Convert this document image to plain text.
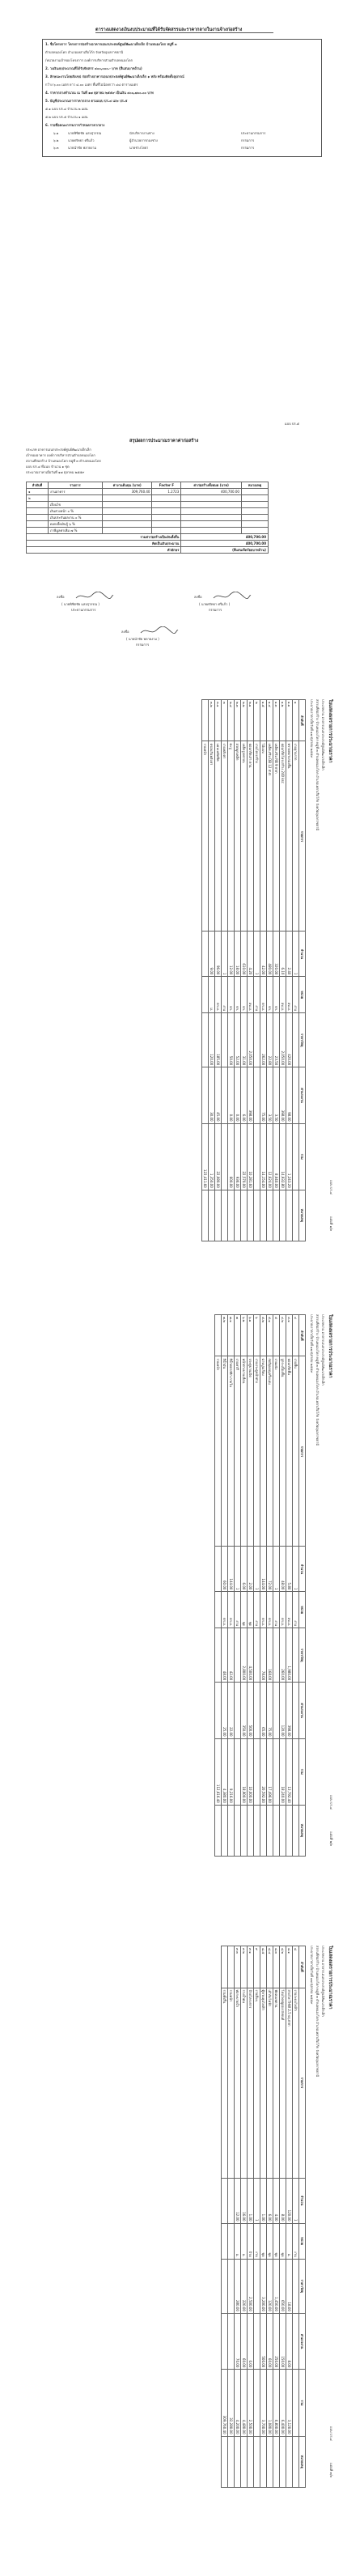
ตารางแสดงวงเงินงบประมาณที่ได้รับจัดสรรและราคากลางในงานจ้างก่อสร้าง
1. ชื่อโครงการ โครงการก่อสร้างอาคารเอนกประสงค์ศูนย์พัฒนาเด็กเล็ก บ้านหนองโดก หมู่ที่ ๓
ตำบลหนองโดก อำเภอเหล่าเสือโก้ก จังหวัดอุบลราชธานี
/หน่วยงานเจ้าของโครงการ องค์การบริหารส่วนตำบลหนองโดก
2. วงเงินงบประมาณที่ได้รับจัดสรร ๔๐๐,๐๐๐.- บาท (สี่แสนบาทถ้วน)
3. ลักษณะงานโดยสังเขป ก่อสร้างอาคารเอนกประสงค์ศูนย์พัฒนาเด็กเล็ก ๑ หลัง พร้อมติดตั้งอุปกรณ์
กว้าง ๖.๐๐ เมตร ยาว ๘.๐๐ เมตร พื้นที่ไม่น้อยกว่า ๔๘ ตารางเมตร
4. ราคากลางคำนวณ ณ วันที่ ๑๗ ตุลาคม ๒๕๕๙ เป็นเงิน ๔๐๐,๗๐๐.๐๐ บาท
5. บัญชีประมาณการราคากลาง ตามแบบ ปร.๔ และ ปร.๕
๕.๑ แบบ ปร.๔ จำนวน ๒ แผ่น
๕.๒ แบบ ปร.๕ จำนวน ๑ แผ่น
6. รายชื่อคณะกรรมการกำหนดราคากลาง
๖.๑	นายพิชิตชัย แสงสุวรรณ	นักบริหารงานช่าง	ประธานกรรมการ
๖.๒	นายศรัทธา ศรีแก้ว	ผู้อำนวยการกองช่าง	กรรมการ
๖.๓	นายนำชัย พลายงาม	นายช่างโยธา	กรรมการ
แบบ ปร.๕
สรุปผลการประมาณราคาค่าก่อสร้าง
ประเภท อาคารเอนกประสงค์ศูนย์พัฒนาเด็กเล็ก
เจ้าของอาคาร องค์การบริหารส่วนตำบลหนองโดก
สถานที่ก่อสร้าง บ้านหนองโดก หมู่ที่ ๓ ตำบลหนองโดก
แบบ ปร.๔ ที่แนบ จำนวน ๑ ชุด
ประมาณราคาเมื่อวันที่ ๑๗ ตุลาคม ๒๕๕๙
ลำดับที่	รายการ	ค่างานต้นทุน (บาท)	Factor F	ค่าก่อสร้างทั้งหมด (บาท)	หมายเหตุ
๑	งานอาคาร	309,760.40	1.2723	400,700.00	
๒					
	เงื่อนไข				
	เงินล่วงหน้า ๐ %				
	เงินประกันผลงาน ๐ %				
	ดอกเบี้ยเงินกู้ ๖ %				
	ภาษีมูลค่าเพิ่ม ๗ %				
รวมค่าก่อสร้างเป็นเงินทั้งสิ้น				400,700.00	
คิดเป็นเงินประมาณ				400,700.00	
ตัวอักษร				(สี่แสนเจ็ดร้อยบาทถ้วน)	
ลงชื่อ
( นายพิชิตชัย แสงสุวรรณ )
ประธานกรรมการ
ลงชื่อ
( นายศรัทธา ศรีแก้ว )
กรรมการ
ลงชื่อ
( นายนำชัย พลายงาม )
กรรมการ
แบบ ปร.๔
แผ่นที่ ๑/๓
ใบแสดงผลรายการประมาณราคา
ประเภทงาน อาคารเอนกประสงค์ศูนย์พัฒนาเด็กเล็ก
สถานที่ก่อสร้าง บ้านหนองโดก หมู่ที่ ๓ ตำบลหนองโดก อำเภอเหล่าเสือโก้ก จังหวัดอุบลราชธานี
ประมาณราคาเมื่อวันที่ ๑๗ ตุลาคม ๒๕๕๙
ลำดับที่	รายการ	จำนวน	หน่วย	ราคาวัสดุ	ค่าแรงงาน	รวม	หมายเหตุ
๑	งานฐานราก	1	งาน				
๑.๑	ทรายหยาบรองพื้น	2.40	ลบ.ม.	420.00	98.00	1,243.20	
๑.๒	คอนกรีตโครงสร้าง 240 ksc	6.10	ลบ.ม.	2,050.00	398.00	14,932.80	
๑.๓	เหล็กเสริม RB 9 mm	320.00	กก.	23.50	3.50	8,640.00	
๑.๔	เหล็กเสริม DB 12 mm	480.00	กก.	22.80	3.50	12,624.00	
๑.๕	ไม้แบบ	42.00	ตร.ม.	262.00	75.00	14,154.00	
๒	งานโครงสร้าง	1	งาน				
๒.๑	คอนกรีตเสา คาน	4.20	ลบ.ม.	2,050.00	398.00	10,281.60	
๒.๒	เหล็กรูปพรรณ	610.00	กก.	31.00	6.00	22,570.00	
๒.๓	ลวดผูกเหล็ก	18.00	กก.	52.00	0.00	936.00	
๒.๔	ตะปู	12.00	กก.	50.00	0.00	600.00	
๓	งานหลังคา	1	งาน				
๓.๑	แผ่นเมทัลชีท	96.00	ตร.ม.	185.00	45.00	22,080.00	
๓.๒	ครอบสันหลังคา	9.00	ม.	120.00	30.00	1,350.00	
	รวมหน้า					123,411.60	
แบบ ปร.๔
แผ่นที่ ๒/๓
ใบแสดงผลรายการประมาณราคา
ประเภทงาน อาคารเอนกประสงค์ศูนย์พัฒนาเด็กเล็ก
สถานที่ก่อสร้าง บ้านหนองโดก หมู่ที่ ๓ ตำบลหนองโดก อำเภอเหล่าเสือโก้ก จังหวัดอุบลราชธานี
ประมาณราคาเมื่อวันที่ ๑๗ ตุลาคม ๒๕๕๙
ลำดับที่	รายการ	จำนวน	หน่วย	ราคาวัสดุ	ค่าแรงงาน	รวม	หมายเหตุ
๔	งานพื้น	1	งาน				
๔.๑	คอนกรีตพื้น	5.80	ลบ.ม.	1,980.00	398.00	13,792.40	
๔.๒	ปูกระเบื้องพื้น	48.00	ตร.ม.	260.00	120.00	18,240.00	
๕	งานผนัง	1	งาน				
๕.๑	ก่ออิฐมอญครึ่งแผ่น	72.00	ตร.ม.	168.00	75.00	17,496.00	
๕.๒	ฉาบปูนเรียบ	144.00	ตร.ม.	78.00	65.00	20,592.00	
๖	งานประตูหน้าต่าง	1	งาน				
๖.๑	ประตูบานเปิด	2.00	ชุด	4,500.00	500.00	10,000.00	
๖.๒	หน้าต่างบานเลื่อน	6.00	ชุด	2,800.00	350.00	18,900.00	
๗	งานทาสี	1	งาน				
๗.๑	สีน้ำพลาสติก ภายใน	144.00	ตร.ม.	42.00	22.00	9,216.00	
๗.๒	สีน้ำมัน	60.00	ตร.ม.	48.00	25.00	4,380.00	
	รวมหน้า					112,616.40	
แบบ ปร.๔
แผ่นที่ ๓/๓
ใบแสดงผลรายการประมาณราคา
ประเภทงาน อาคารเอนกประสงค์ศูนย์พัฒนาเด็กเล็ก
สถานที่ก่อสร้าง บ้านหนองโดก หมู่ที่ ๓ ตำบลหนองโดก อำเภอเหล่าเสือโก้ก จังหวัดอุบลราชธานี
ประมาณราคาเมื่อวันที่ ๑๗ ตุลาคม ๒๕๕๙
ลำดับที่	รายการ	จำนวน	หน่วย	ราคาวัสดุ	ค่าแรงงาน	รวม	หมายเหตุ
๘	งานระบบไฟฟ้า	1	งาน				
๘.๑	สายไฟ THW 2.5 sq.mm	120.00	ม.	18.00	8.00	3,120.00	
๘.๒	โคมไฟฟลูออเรสเซนต์	8.00	ชุด	650.00	150.00	6,400.00	
๘.๓	พัดลมเพดาน	4.00	ชุด	1,450.00	250.00	6,800.00	
๘.๔	เต้ารับไฟฟ้า	6.00	ชุด	120.00	60.00	1,080.00	
๘.๕	ตู้ควบคุมไฟฟ้า	1.00	ชุด	3,200.00	500.00	3,700.00	
๙	งานอื่นๆ	1	งาน				
๙.๑	ป้ายโครงการ	1.00	ป้าย	2,500.00	0.00	2,500.00	
๙.๒	รางน้ำฝน	16.00	ม.	220.00	60.00	4,480.00	
๙.๓	ท่อระบายน้ำ	12.00	ม.	280.00	70.00	4,200.00	
	รวมหน้า					32,280.00	
	รวมทั้งสิ้น					309,760.40	
